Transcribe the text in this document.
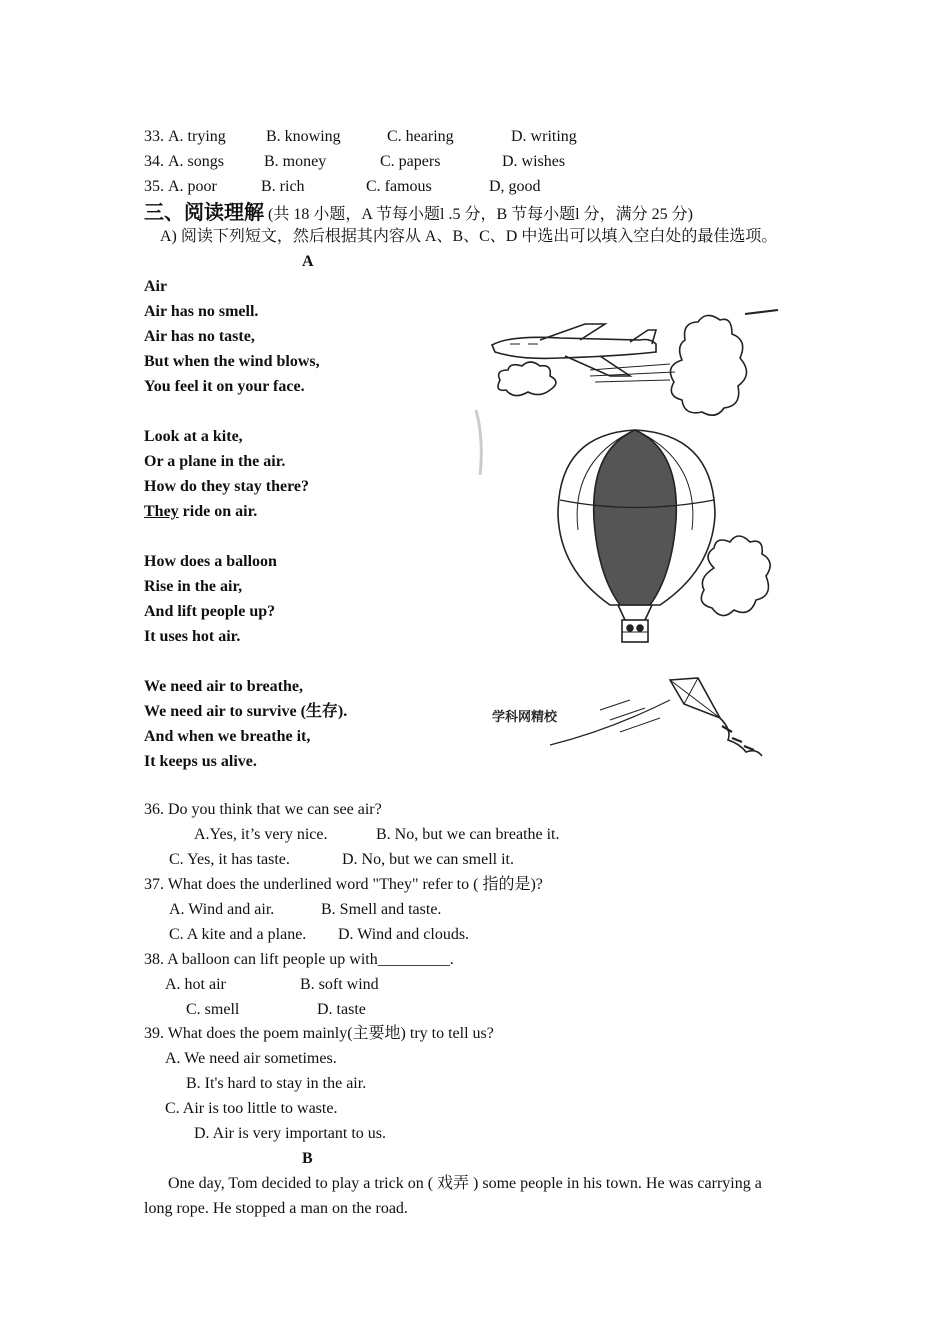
33. A. trying	B. knowing	C. hearing	D. writing
34. A. songs B. money	C. papers	D. wishes
35. A. poor	B. rich	C. famous	D, good
三、阅读理解 (共 18 小题，A 节每小题l .5 分，B 节每小题l 分，满分 25 分)
A) 阅读下列短文，然后根据其内容从 A、B、C、D 中选出可以填入空白处的最佳选项。
A
Air
Air has no smell.
Air has no taste,
But when the wind blows,
You feel it on your face.
Look at a kite,
Or a plane in the air.
How do they stay there?
They ride on air.
How does a balloon
Rise in the air,
And lift people up?
It uses hot air.
We need air to breathe,
We need air to survive (生存).
And when we breathe it,
It keeps us alive.
学科网精校
36. Do you think that we can see air?
A.Yes, it’s very nice.	B. No, but we can breathe it.
C. Yes, it has taste.	D. No, but we can smell it.
37. What does the underlined word "They" refer to ( 指的是)?
A. Wind and air.	B. Smell and taste.
C. A kite and a plane. D. Wind and clouds.
38. A balloon can lift people up with_________.
A. hot air	B. soft wind
C. smell	D. taste
39. What does the poem mainly(主要地) try to tell us?
A. We need air sometimes.
B. It's hard to stay in the air.
C. Air is too little to waste.
D. Air is very important to us.
B
One day, Tom decided to play a trick on ( 戏弄 ) some people in his town. He was carrying a
long rope. He stopped a man on the road.
